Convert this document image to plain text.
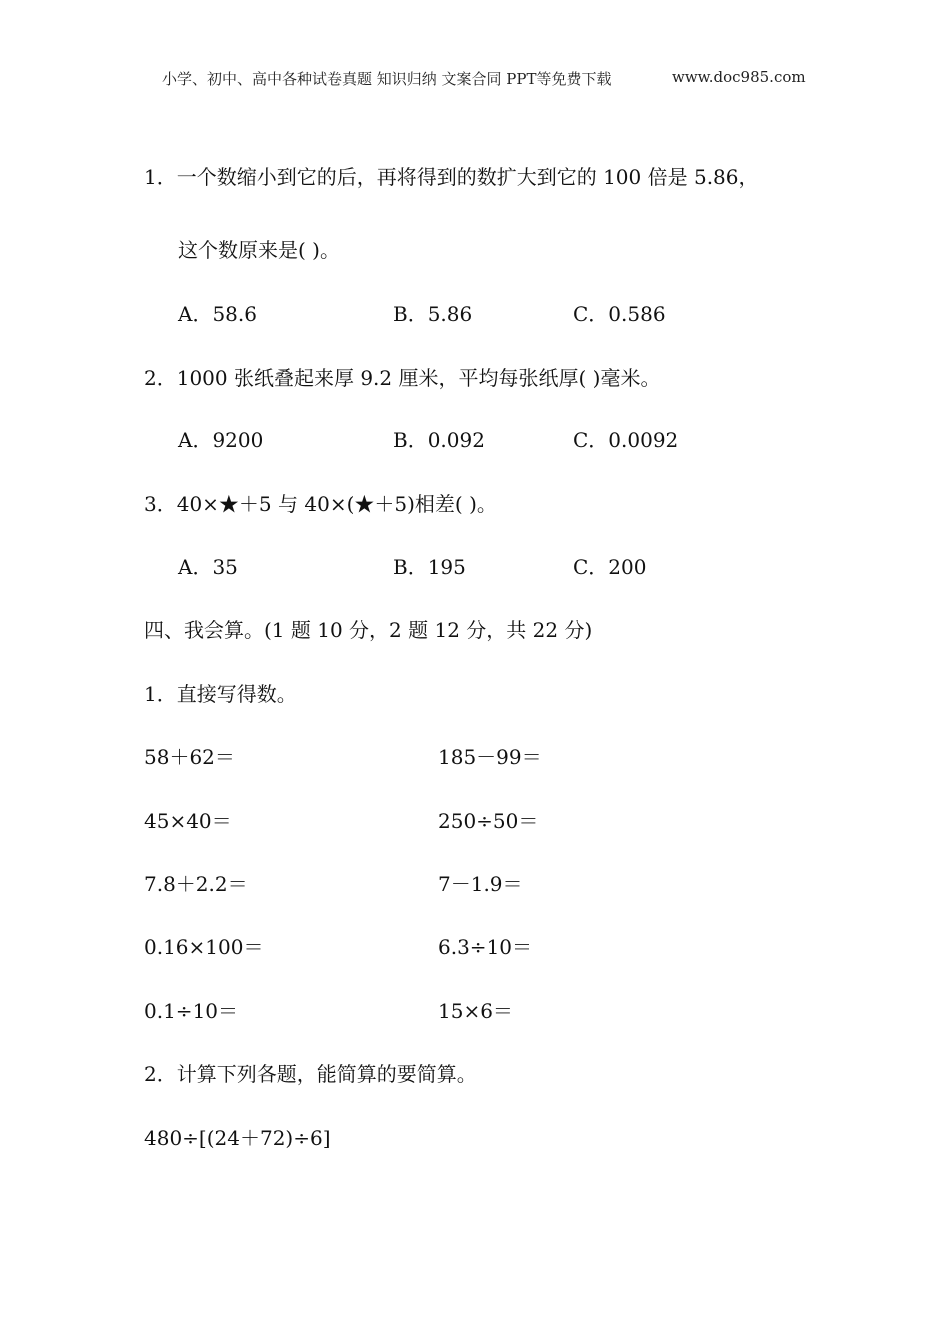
小学、初中、高中各种试卷真题 知识归纳 文案合同 PPT等免费下载	www.doc985.com
1．一个数缩小到它的后，再将得到的数扩大到它的 100 倍是 5.86，
这个数原来是( )。
A．58.6	B．5.86	C．0.586
2．1000 张纸叠起来厚 9.2 厘米，平均每张纸厚( )毫米。
A．9200	B．0.092	C．0.0092
3．40×★＋5 与 40×(★＋5)相差( )。
A．35	B．195	C．200
四、我会算。(1 题 10 分，2 题 12 分，共 22 分)
1．直接写得数。
58＋62＝	185－99＝
45×40＝	250÷50＝
7.8＋2.2＝	7－1.9＝
0.16×100＝	6.3÷10＝
0.1÷10＝	15×6＝
2．计算下列各题，能简算的要简算。
480÷[(24＋72)÷6]
